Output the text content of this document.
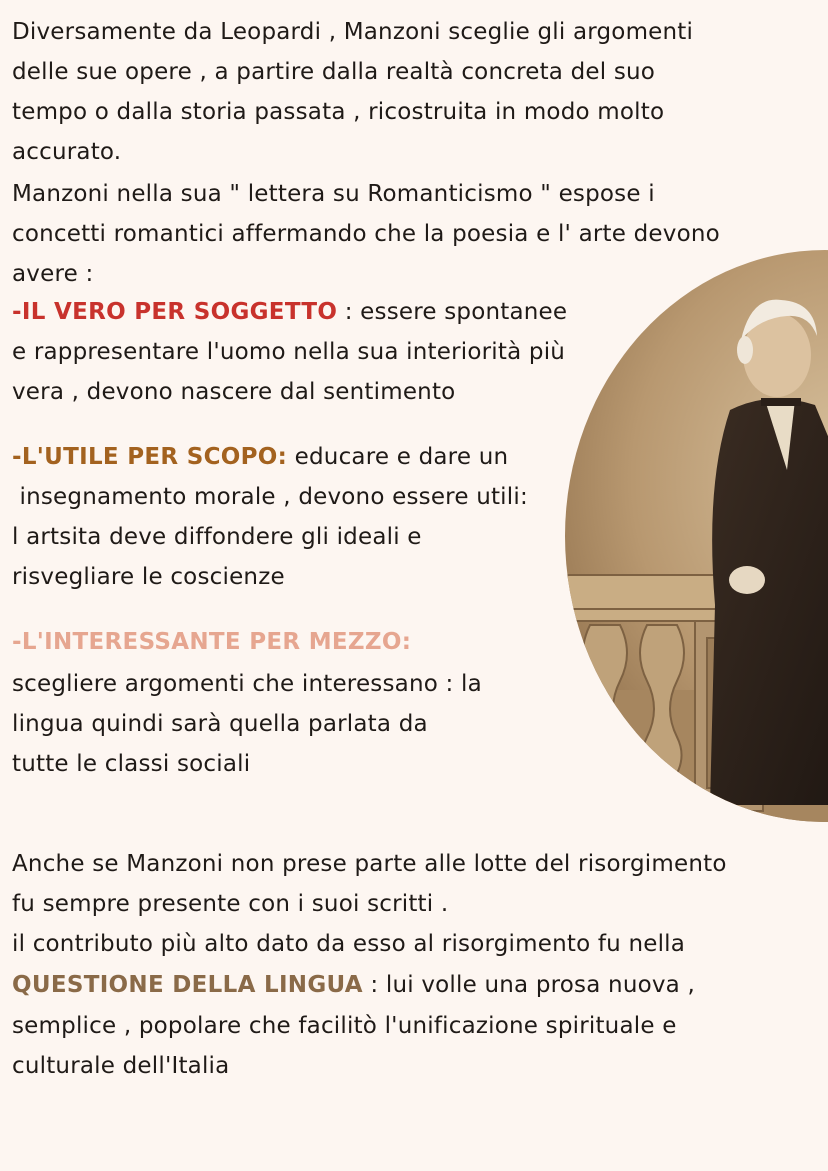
Diversamente da Leopardi , Manzoni sceglie gli argomenti
delle sue opere , a partire dalla realtà concreta del suo
tempo o dalla storia passata , ricostruita in modo molto
accurato.
Manzoni nella sua " lettera su Romanticismo " espose i
concetti romantici affermando che la poesia e l' arte devono
avere :
-IL VERO PER SOGGETTO : essere spontanee
e rappresentare l'uomo nella sua interiorità più
vera , devono nascere dal sentimento
-L'UTILE PER SCOPO: educare e dare un
insegnamento morale , devono essere utili:
l artsita deve diffondere gli ideali e
risvegliare le coscienze
-L'INTERESSANTE PER MEZZO:
scegliere argomenti che interessano : la
lingua quindi sarà quella parlata da
tutte le classi sociali
Anche se Manzoni non prese parte alle lotte del risorgimento
fu sempre presente con i suoi scritti .
il contributo più alto dato da esso al risorgimento fu nella
QUESTIONE DELLA LINGUA : lui volle una prosa nuova ,
semplice , popolare che facilitò l'unificazione spirituale e
culturale dell'Italia
